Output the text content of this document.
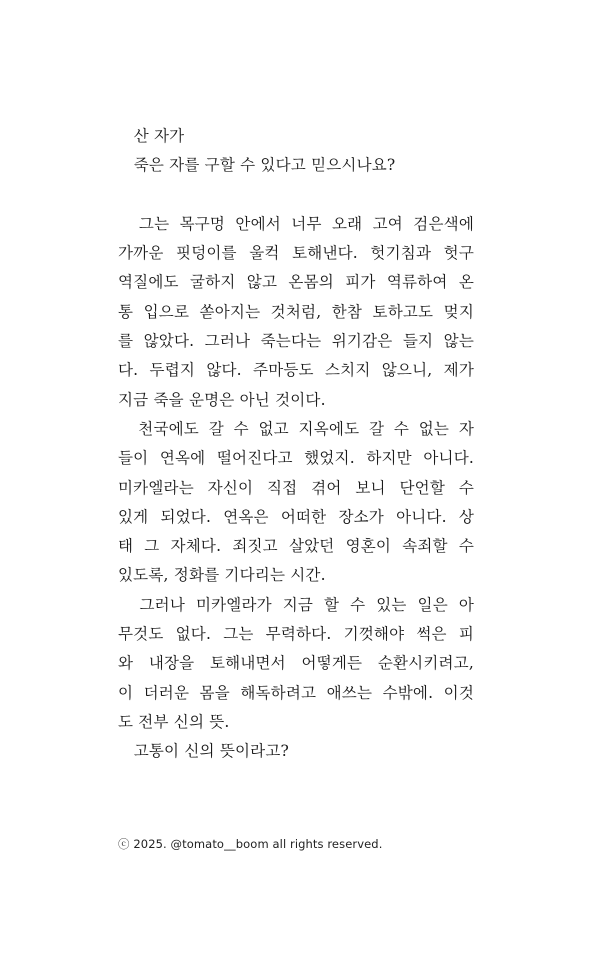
　산 자가
　죽은 자를 구할 수 있다고 믿으시나요?
　그는 목구멍 안에서 너무 오래 고여 검은색에
가까운 핏덩이를 울컥 토해낸다. 헛기침과 헛구
역질에도 굴하지 않고 온몸의 피가 역류하여 온
통 입으로 쏟아지는 것처럼, 한참 토하고도 멎지
를 않았다. 그러나 죽는다는 위기감은 들지 않는
다. 두렵지 않다. 주마등도 스치지 않으니, 제가
지금 죽을 운명은 아닌 것이다.
　천국에도 갈 수 없고 지옥에도 갈 수 없는 자
들이 연옥에 떨어진다고 했었지. 하지만 아니다.
미카엘라는 자신이 직접 겪어 보니 단언할 수
있게 되었다. 연옥은 어떠한 장소가 아니다. 상
태 그 자체다. 죄짓고 살았던 영혼이 속죄할 수
있도록, 정화를 기다리는 시간.
　그러나 미카엘라가 지금 할 수 있는 일은 아
무것도 없다. 그는 무력하다. 기껏해야 썩은 피
와 내장을 토해내면서 어떻게든 순환시키려고,
이 더러운 몸을 해독하려고 애쓰는 수밖에. 이것
도 전부 신의 뜻.
　고통이 신의 뜻이라고?
ⓒ 2025. @tomato__boom all rights reserved.
